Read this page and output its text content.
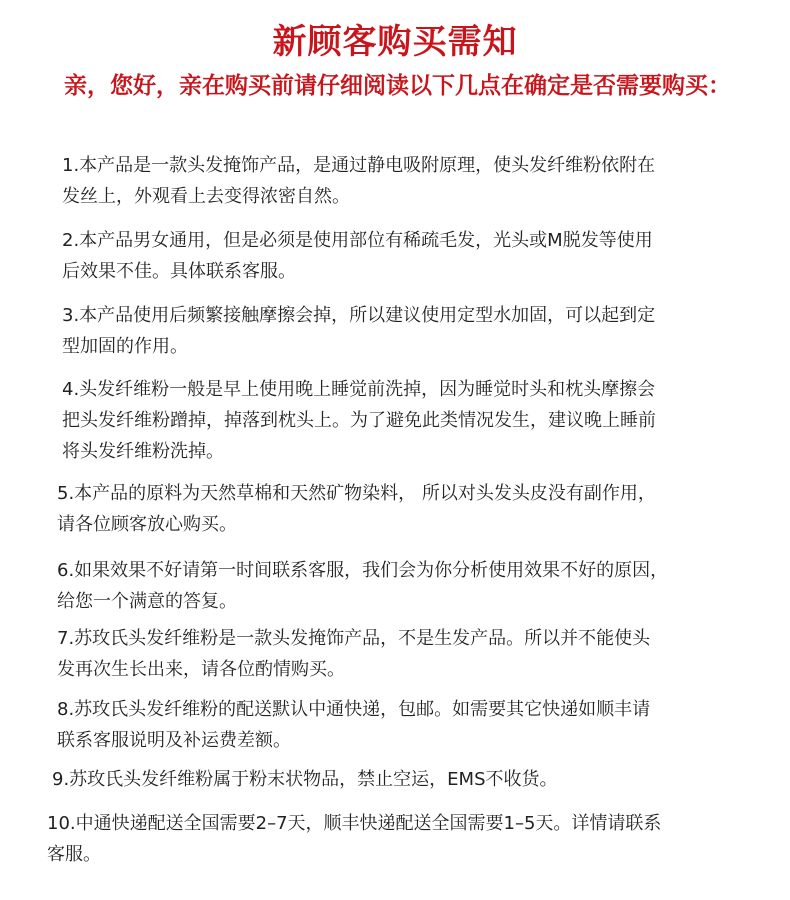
新顾客购买需知
亲，您好，亲在购买前请仔细阅读以下几点在确定是否需要购买：
1.本产品是一款头发掩饰产品，是通过静电吸附原理，使头发纤维粉依附在
发丝上，外观看上去变得浓密自然。
2.本产品男女通用，但是必须是使用部位有稀疏毛发，光头或M脱发等使用
后效果不佳。具体联系客服。
3.本产品使用后频繁接触摩擦会掉，所以建议使用定型水加固，可以起到定
型加固的作用。
4.头发纤维粉一般是早上使用晚上睡觉前洗掉，因为睡觉时头和枕头摩擦会
把头发纤维粉蹭掉，掉落到枕头上。为了避免此类情况发生，建议晚上睡前
将头发纤维粉洗掉。
5.本产品的原料为天然草棉和天然矿物染料， 所以对头发头皮没有副作用，
请各位顾客放心购买。
6.如果效果不好请第一时间联系客服，我们会为你分析使用效果不好的原因，
给您一个满意的答复。
7.苏玫氏头发纤维粉是一款头发掩饰产品，不是生发产品。所以并不能使头
发再次生长出来，请各位酌情购买。
8.苏玫氏头发纤维粉的配送默认中通快递，包邮。如需要其它快递如顺丰请
联系客服说明及补运费差额。
9.苏玫氏头发纤维粉属于粉末状物品，禁止空运，EMS不收货。
10.中通快递配送全国需要2–7天，顺丰快递配送全国需要1–5天。详情请联系
客服。
